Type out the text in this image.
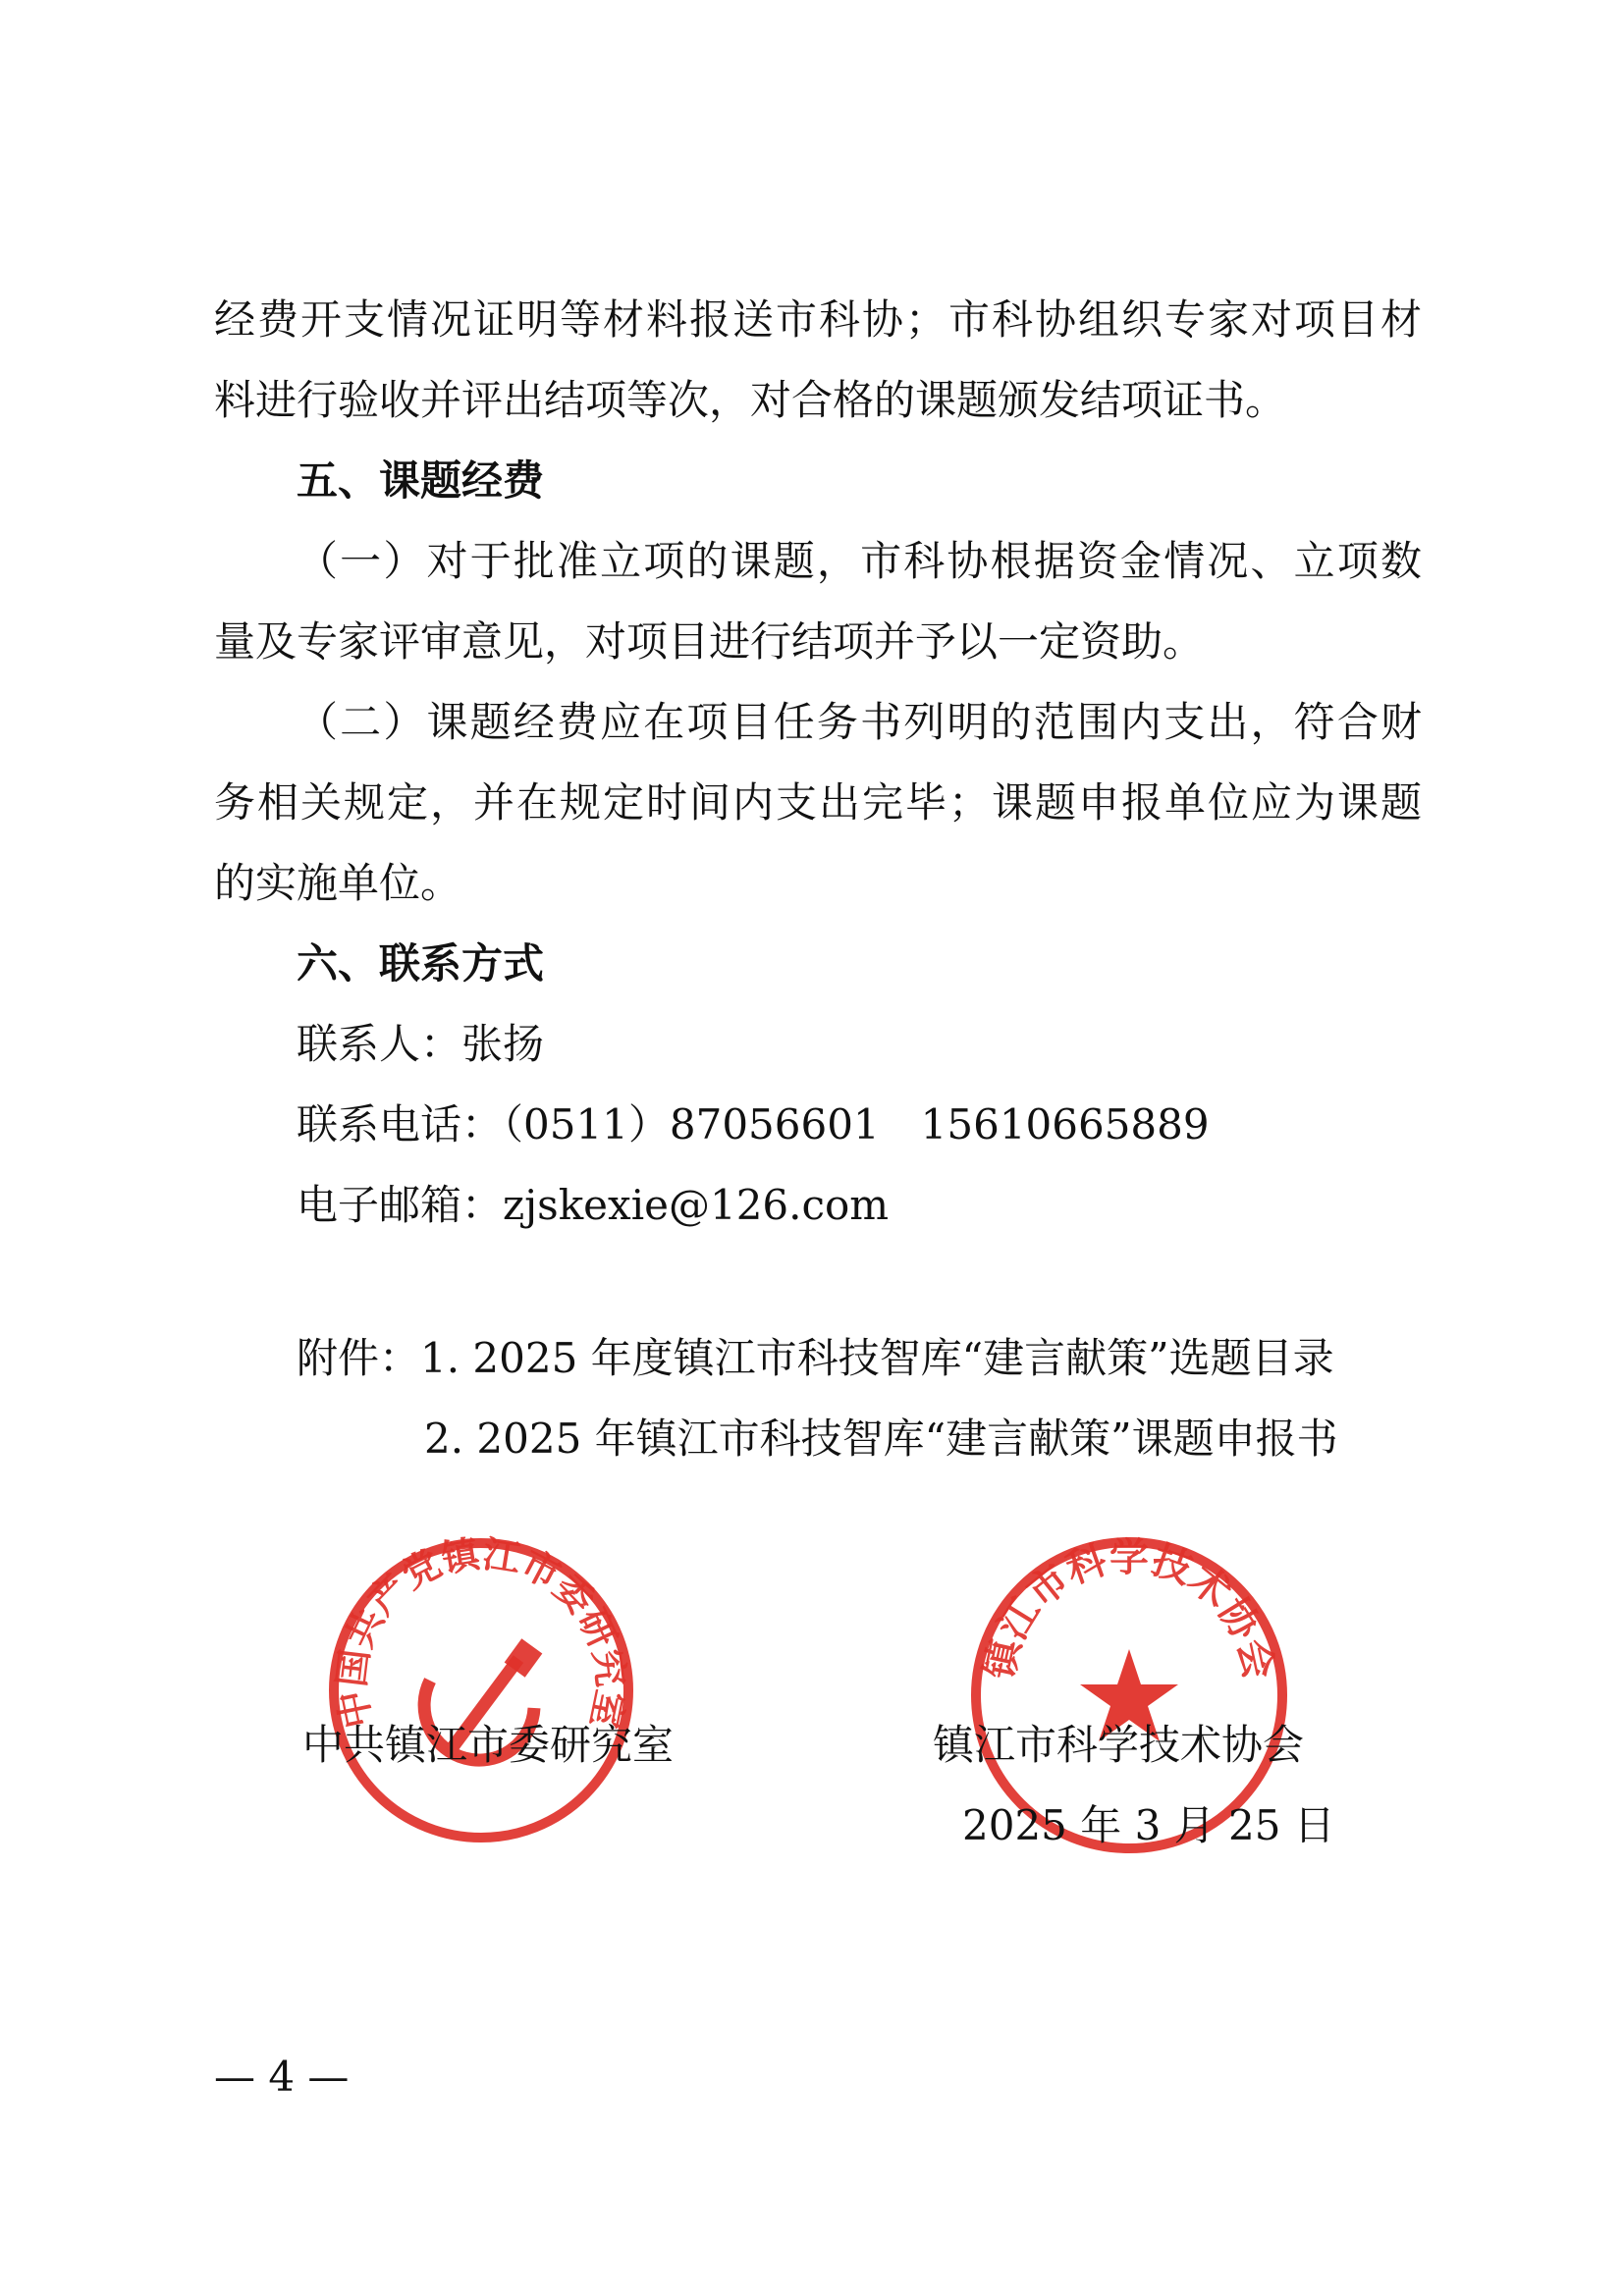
经费开支情况证明等材料报送市科协；市科协组织专家对项目材
料进行验收并评出结项等次，对合格的课题颁发结项证书。
五、课题经费
（一）对于批准立项的课题，市科协根据资金情况、立项数
量及专家评审意见，对项目进行结项并予以一定资助。
（二）课题经费应在项目任务书列明的范围内支出，符合财
务相关规定，并在规定时间内支出完毕；课题申报单位应为课题
的实施单位。
六、联系方式
联系人：张扬
联系电话：（0511）87056601　15610665889
电子邮箱：zjskexie@126.com
附件：1. 2025 年度镇江市科技智库“建言献策”选题目录
2. 2025 年镇江市科技智库“建言献策”课题申报书
中国共产党镇江市委研究室
镇江市科学技术协会
中共镇江市委研究室	镇江市科学技术协会
2025 年 3 月 25 日
— 4 —
